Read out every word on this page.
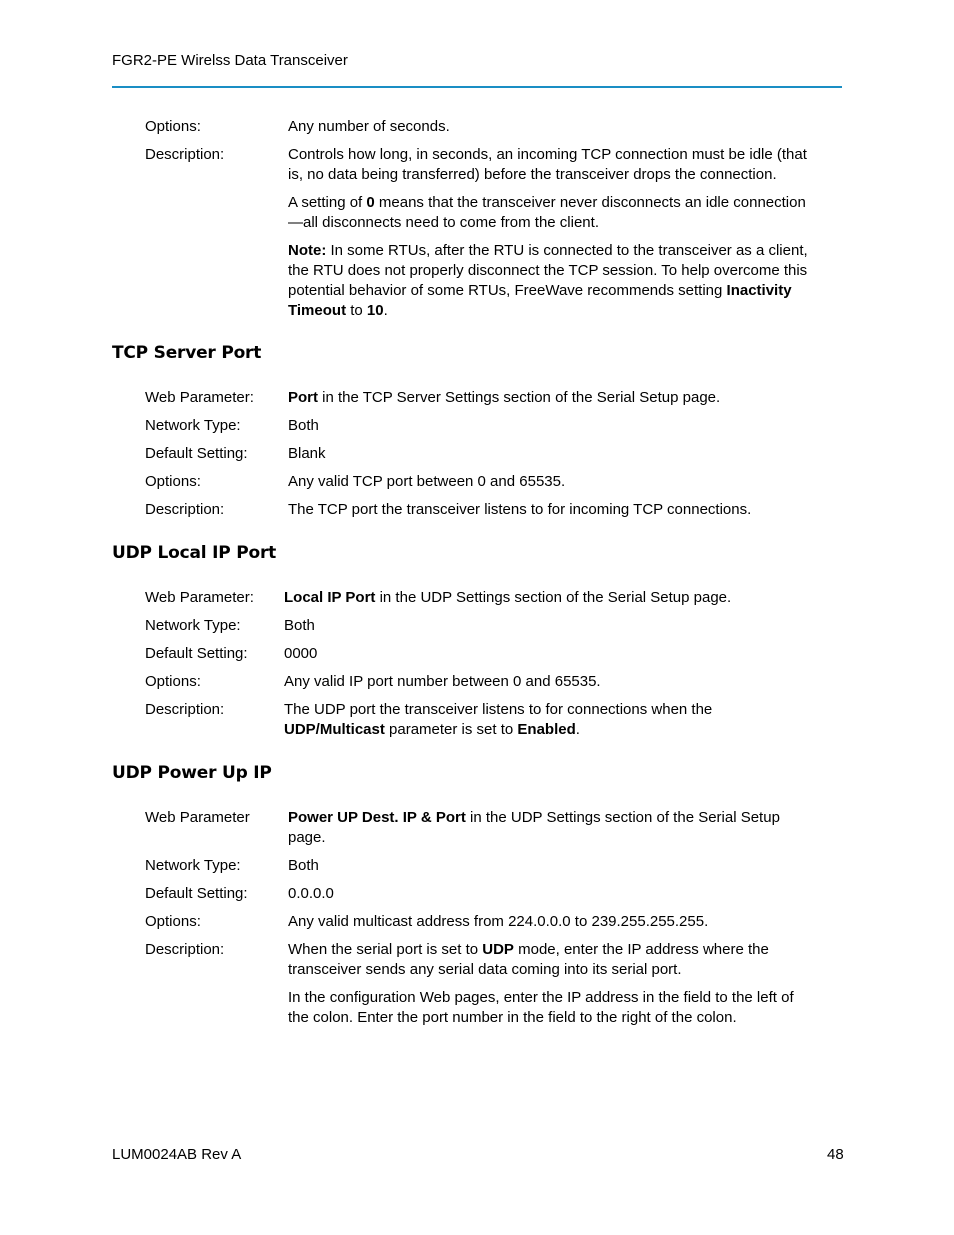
FGR2-PE Wirelss Data Transceiver
Options:	Any number of seconds.
Description:	Controls how long, in seconds, an incoming TCP connection must be idle (that is, no data being transferred) before the transceiver drops the connection.
A setting of 0 means that the transceiver never disconnects an idle connection—all disconnects need to come from the client.
Note: In some RTUs, after the RTU is connected to the transceiver as a client, the RTU does not properly disconnect the TCP session. To help overcome this potential behavior of some RTUs, FreeWave recommends setting Inactivity Timeout to 10.
TCP Server Port
Web Parameter: Port in the TCP Server Settings section of the Serial Setup page.
Network Type:	Both
Default Setting:	Blank
Options:	Any valid TCP port between 0 and 65535.
Description:	The TCP port the transceiver listens to for incoming TCP connections.
UDP Local IP Port
Web Parameter: Local IP Port in the UDP Settings section of the Serial Setup page.
Network Type:	Both
Default Setting: 0000
Options:	Any valid IP port number between 0 and 65535.
Description:	The UDP port the transceiver listens to for connections when the UDP/Multicast parameter is set to Enabled.
UDP Power Up IP
Web Parameter	Power UP Dest. IP & Port in the UDP Settings section of the Serial Setup page.
Network Type:	Both
Default Setting:	0.0.0.0
Options:	Any valid multicast address from 224.0.0.0 to 239.255.255.255.
Description:	When the serial port is set to UDP mode, enter the IP address where the transceiver sends any serial data coming into its serial port.
In the configuration Web pages, enter the IP address in the field to the left of the colon. Enter the port number in the field to the right of the colon.
LUM0024AB Rev A	48
